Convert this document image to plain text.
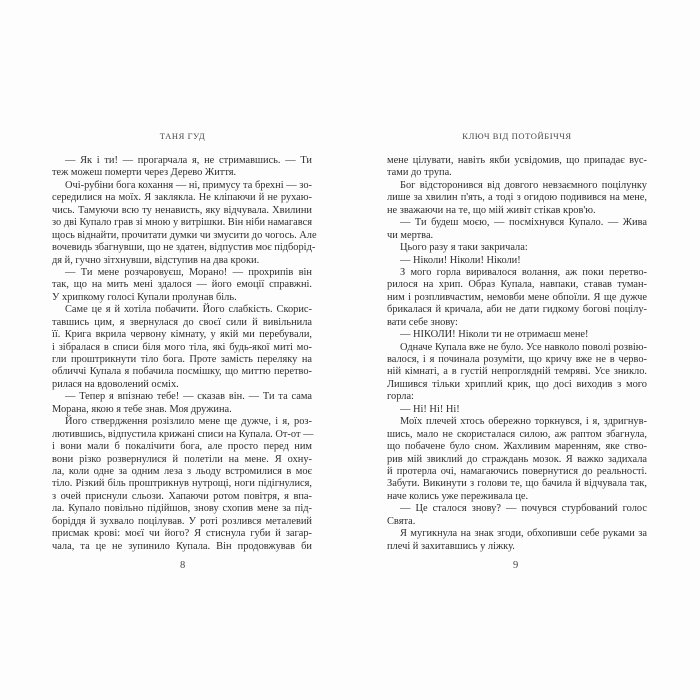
ТАНЯ ГУД
— Як і ти! — прогарчала я, не стримавшись. — Ти
теж можеш померти через Дерево Життя.
Очі-рубіни бога кохання — ні, примусу та брехні — зо-
середилися на моїх. Я заклякла. Не кліпаючи й не рухаю-
чись. Тамуючи всю ту ненависть, яку відчувала. Хвилини
зо дві Купало грав зі мною у витрішки. Він ніби намагався
щось віднайти, прочитати думки чи змусити до чогось. Але
вочевидь збагнувши, що не здатен, відпустив моє підборід-
дя й, гучно зітхнувши, відступив на два кроки.
— Ти мене розчаровуєш, Морано! — прохрипів він
так, що на мить мені здалося — його емоції справжні.
У хрипкому голосі Купали пролунав біль.
Саме це я й хотіла побачити. Його слабкість. Скорис-
тавшись цим, я звернулася до своєї сили й вивільнила
її. Крига вкрила червону кімнату, у якій ми перебували,
і зібралася в списи біля мого тіла, які будь-якої миті мо-
гли проштрикнути тіло бога. Проте замість переляку на
обличчі Купала я побачила посмішку, що миттю перетво-
рилася на вдоволений осміх.
— Тепер я впізнаю тебе! — сказав він. — Ти та сама
Морана, якою я тебе знав. Моя дружина.
Його ствердження розізлило мене ще дужче, і я, роз-
лютившись, відпустила крижані списи на Купала. От-от —
і вони мали б покалічити бога, але просто перед ним
вони різко розвернулися й полетіли на мене. Я охну-
ла, коли одне за одним леза з льоду встромилися в моє
тіло. Різкий біль проштрикнув нутрощі, ноги підігнулися,
з очей приснули сльози. Хапаючи ротом повітря, я впа-
ла. Купало повільно підійшов, знову схопив мене за під-
боріддя й зухвало поцілував. У роті розлився металевий
присмак крові: моєї чи його? Я стиснула губи й загар-
чала, та це не зупинило Купала. Він продовжував би
8
КЛЮЧ ВІД ПОТОЙБІЧЧЯ
мене цілувати, навіть якби усвідомив, що припадає вус-
тами до трупа.
Бог відсторонився від довгого невзаємного поцілунку
лише за хвилин п'ять, а тоді з огидою подивився на мене,
не зважаючи на те, що мій живіт стікав кров'ю.
— Ти будеш моєю, — посміхнувся Купало. — Жива
чи мертва.
Цього разу я таки закричала:
— Ніколи! Ніколи! Ніколи!
З мого горла виривалося волання, аж поки перетво-
рилося на хрип. Образ Купала, навпаки, ставав туман-
ним і розпливчастим, немовби мене обпоїли. Я ще дужче
брикалася й кричала, аби не дати гидкому богові поцілу-
вати себе знову:
— НІКОЛИ! Ніколи ти не отримаєш мене!
Одначе Купала вже не було. Усе навколо поволі розвію-
валося, і я починала розуміти, що кричу вже не в черво-
ній кімнаті, а в густій непроглядній темряві. Усе зникло.
Лишився тільки хриплий крик, що досі виходив з мого
горла:
— Ні! Ні! Ні!
Моїх плечей хтось обережно торкнувся, і я, здригнув-
шись, мало не скористалася силою, аж раптом збагнула,
що побачене було сном. Жахливим маренням, яке ство-
рив мій звиклий до страждань мозок. Я важко задихала
й протерла очі, намагаючись повернутися до реальності.
Забути. Викинути з голови те, що бачила й відчувала так,
наче колись уже переживала це.
— Це сталося знову? — почувся стурбований голос
Свята.
Я мугикнула на знак згоди, обхопивши себе руками за
плечі й захитавшись у ліжку.
9
